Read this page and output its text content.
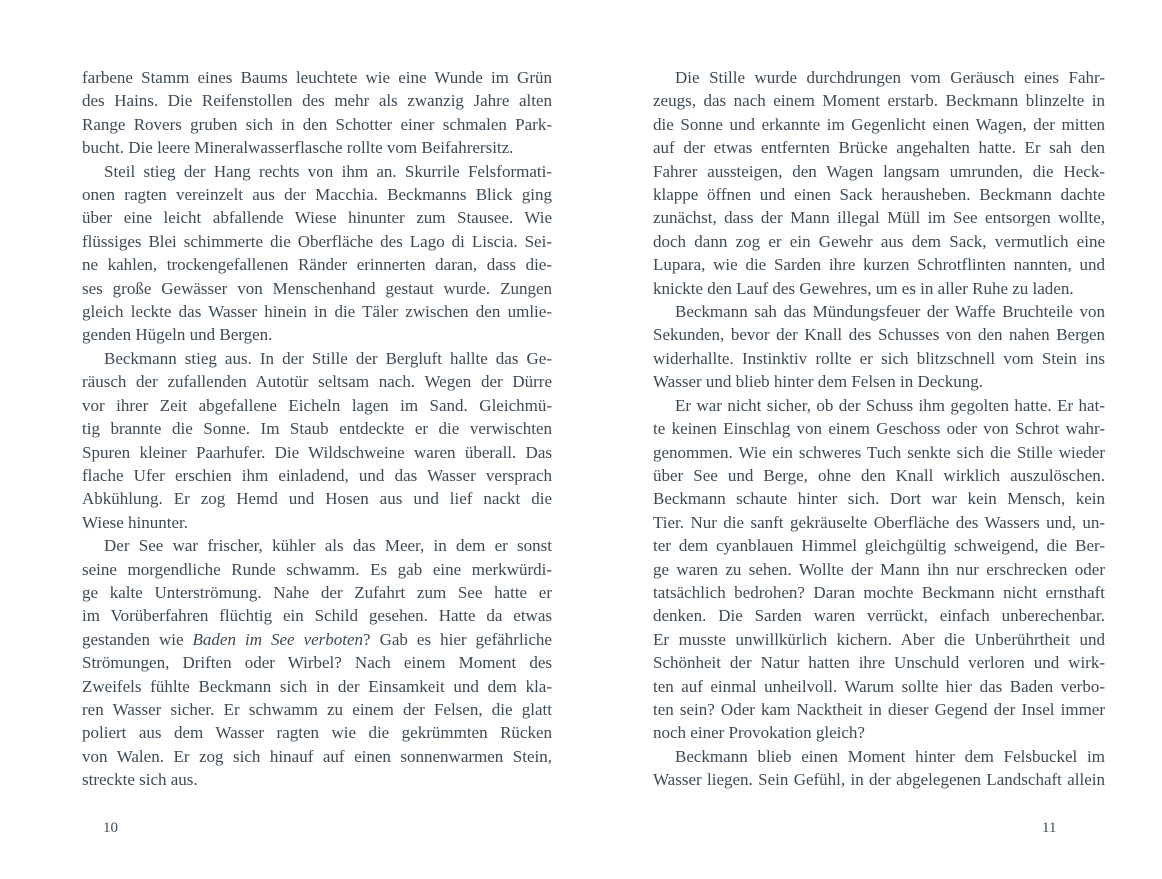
farbene Stamm eines Baums leuchtete wie eine Wunde im Grün
des Hains. Die Reifenstollen des mehr als zwanzig Jahre alten
Range Rovers gruben sich in den Schotter einer schmalen Park-
bucht. Die leere Mineralwasserflasche rollte vom Beifahrersitz.
Steil stieg der Hang rechts von ihm an. Skurrile Felsformati-
onen ragten vereinzelt aus der Macchia. Beckmanns Blick ging
über eine leicht abfallende Wiese hinunter zum Stausee. Wie
flüssiges Blei schimmerte die Oberfläche des Lago di Liscia. Sei-
ne kahlen, trockengefallenen Ränder erinnerten daran, dass die-
ses große Gewässer von Menschenhand gestaut wurde. Zungen
gleich leckte das Wasser hinein in die Täler zwischen den umlie-
genden Hügeln und Bergen.
Beckmann stieg aus. In der Stille der Bergluft hallte das Ge-
räusch der zufallenden Autotür seltsam nach. Wegen der Dürre
vor ihrer Zeit abgefallene Eicheln lagen im Sand. Gleichmü-
tig brannte die Sonne. Im Staub entdeckte er die verwischten
Spuren kleiner Paarhufer. Die Wildschweine waren überall. Das
flache Ufer erschien ihm einladend, und das Wasser versprach
Abkühlung. Er zog Hemd und Hosen aus und lief nackt die
Wiese hinunter.
Der See war frischer, kühler als das Meer, in dem er sonst
seine morgendliche Runde schwamm. Es gab eine merkwürdi-
ge kalte Unterströmung. Nahe der Zufahrt zum See hatte er
im Vorüberfahren flüchtig ein Schild gesehen. Hatte da etwas
gestanden wie Baden im See verboten? Gab es hier gefährliche
Strömungen, Driften oder Wirbel? Nach einem Moment des
Zweifels fühlte Beckmann sich in der Einsamkeit und dem kla-
ren Wasser sicher. Er schwamm zu einem der Felsen, die glatt
poliert aus dem Wasser ragten wie die gekrümmten Rücken
von Walen. Er zog sich hinauf auf einen sonnenwarmen Stein,
streckte sich aus.
10
Die Stille wurde durchdrungen vom Geräusch eines Fahr-
zeugs, das nach einem Moment erstarb. Beckmann blinzelte in
die Sonne und erkannte im Gegenlicht einen Wagen, der mitten
auf der etwas entfernten Brücke angehalten hatte. Er sah den
Fahrer aussteigen, den Wagen langsam umrunden, die Heck-
klappe öffnen und einen Sack herausheben. Beckmann dachte
zunächst, dass der Mann illegal Müll im See entsorgen wollte,
doch dann zog er ein Gewehr aus dem Sack, vermutlich eine
Lupara, wie die Sarden ihre kurzen Schrotflinten nannten, und
knickte den Lauf des Gewehres, um es in aller Ruhe zu laden.
Beckmann sah das Mündungsfeuer der Waffe Bruchteile von
Sekunden, bevor der Knall des Schusses von den nahen Bergen
widerhallte. Instinktiv rollte er sich blitzschnell vom Stein ins
Wasser und blieb hinter dem Felsen in Deckung.
Er war nicht sicher, ob der Schuss ihm gegolten hatte. Er hat-
te keinen Einschlag von einem Geschoss oder von Schrot wahr-
genommen. Wie ein schweres Tuch senkte sich die Stille wieder
über See und Berge, ohne den Knall wirklich auszulöschen.
Beckmann schaute hinter sich. Dort war kein Mensch, kein
Tier. Nur die sanft gekräuselte Oberfläche des Wassers und, un-
ter dem cyanblauen Himmel gleichgültig schweigend, die Ber-
ge waren zu sehen. Wollte der Mann ihn nur erschrecken oder
tatsächlich bedrohen? Daran mochte Beckmann nicht ernsthaft
denken. Die Sarden waren verrückt, einfach unberechenbar.
Er musste unwillkürlich kichern. Aber die Unberührtheit und
Schönheit der Natur hatten ihre Unschuld verloren und wirk-
ten auf einmal unheilvoll. Warum sollte hier das Baden verbo-
ten sein? Oder kam Nacktheit in dieser Gegend der Insel immer
noch einer Provokation gleich?
Beckmann blieb einen Moment hinter dem Felsbuckel im
Wasser liegen. Sein Gefühl, in der abgelegenen Landschaft allein
11
